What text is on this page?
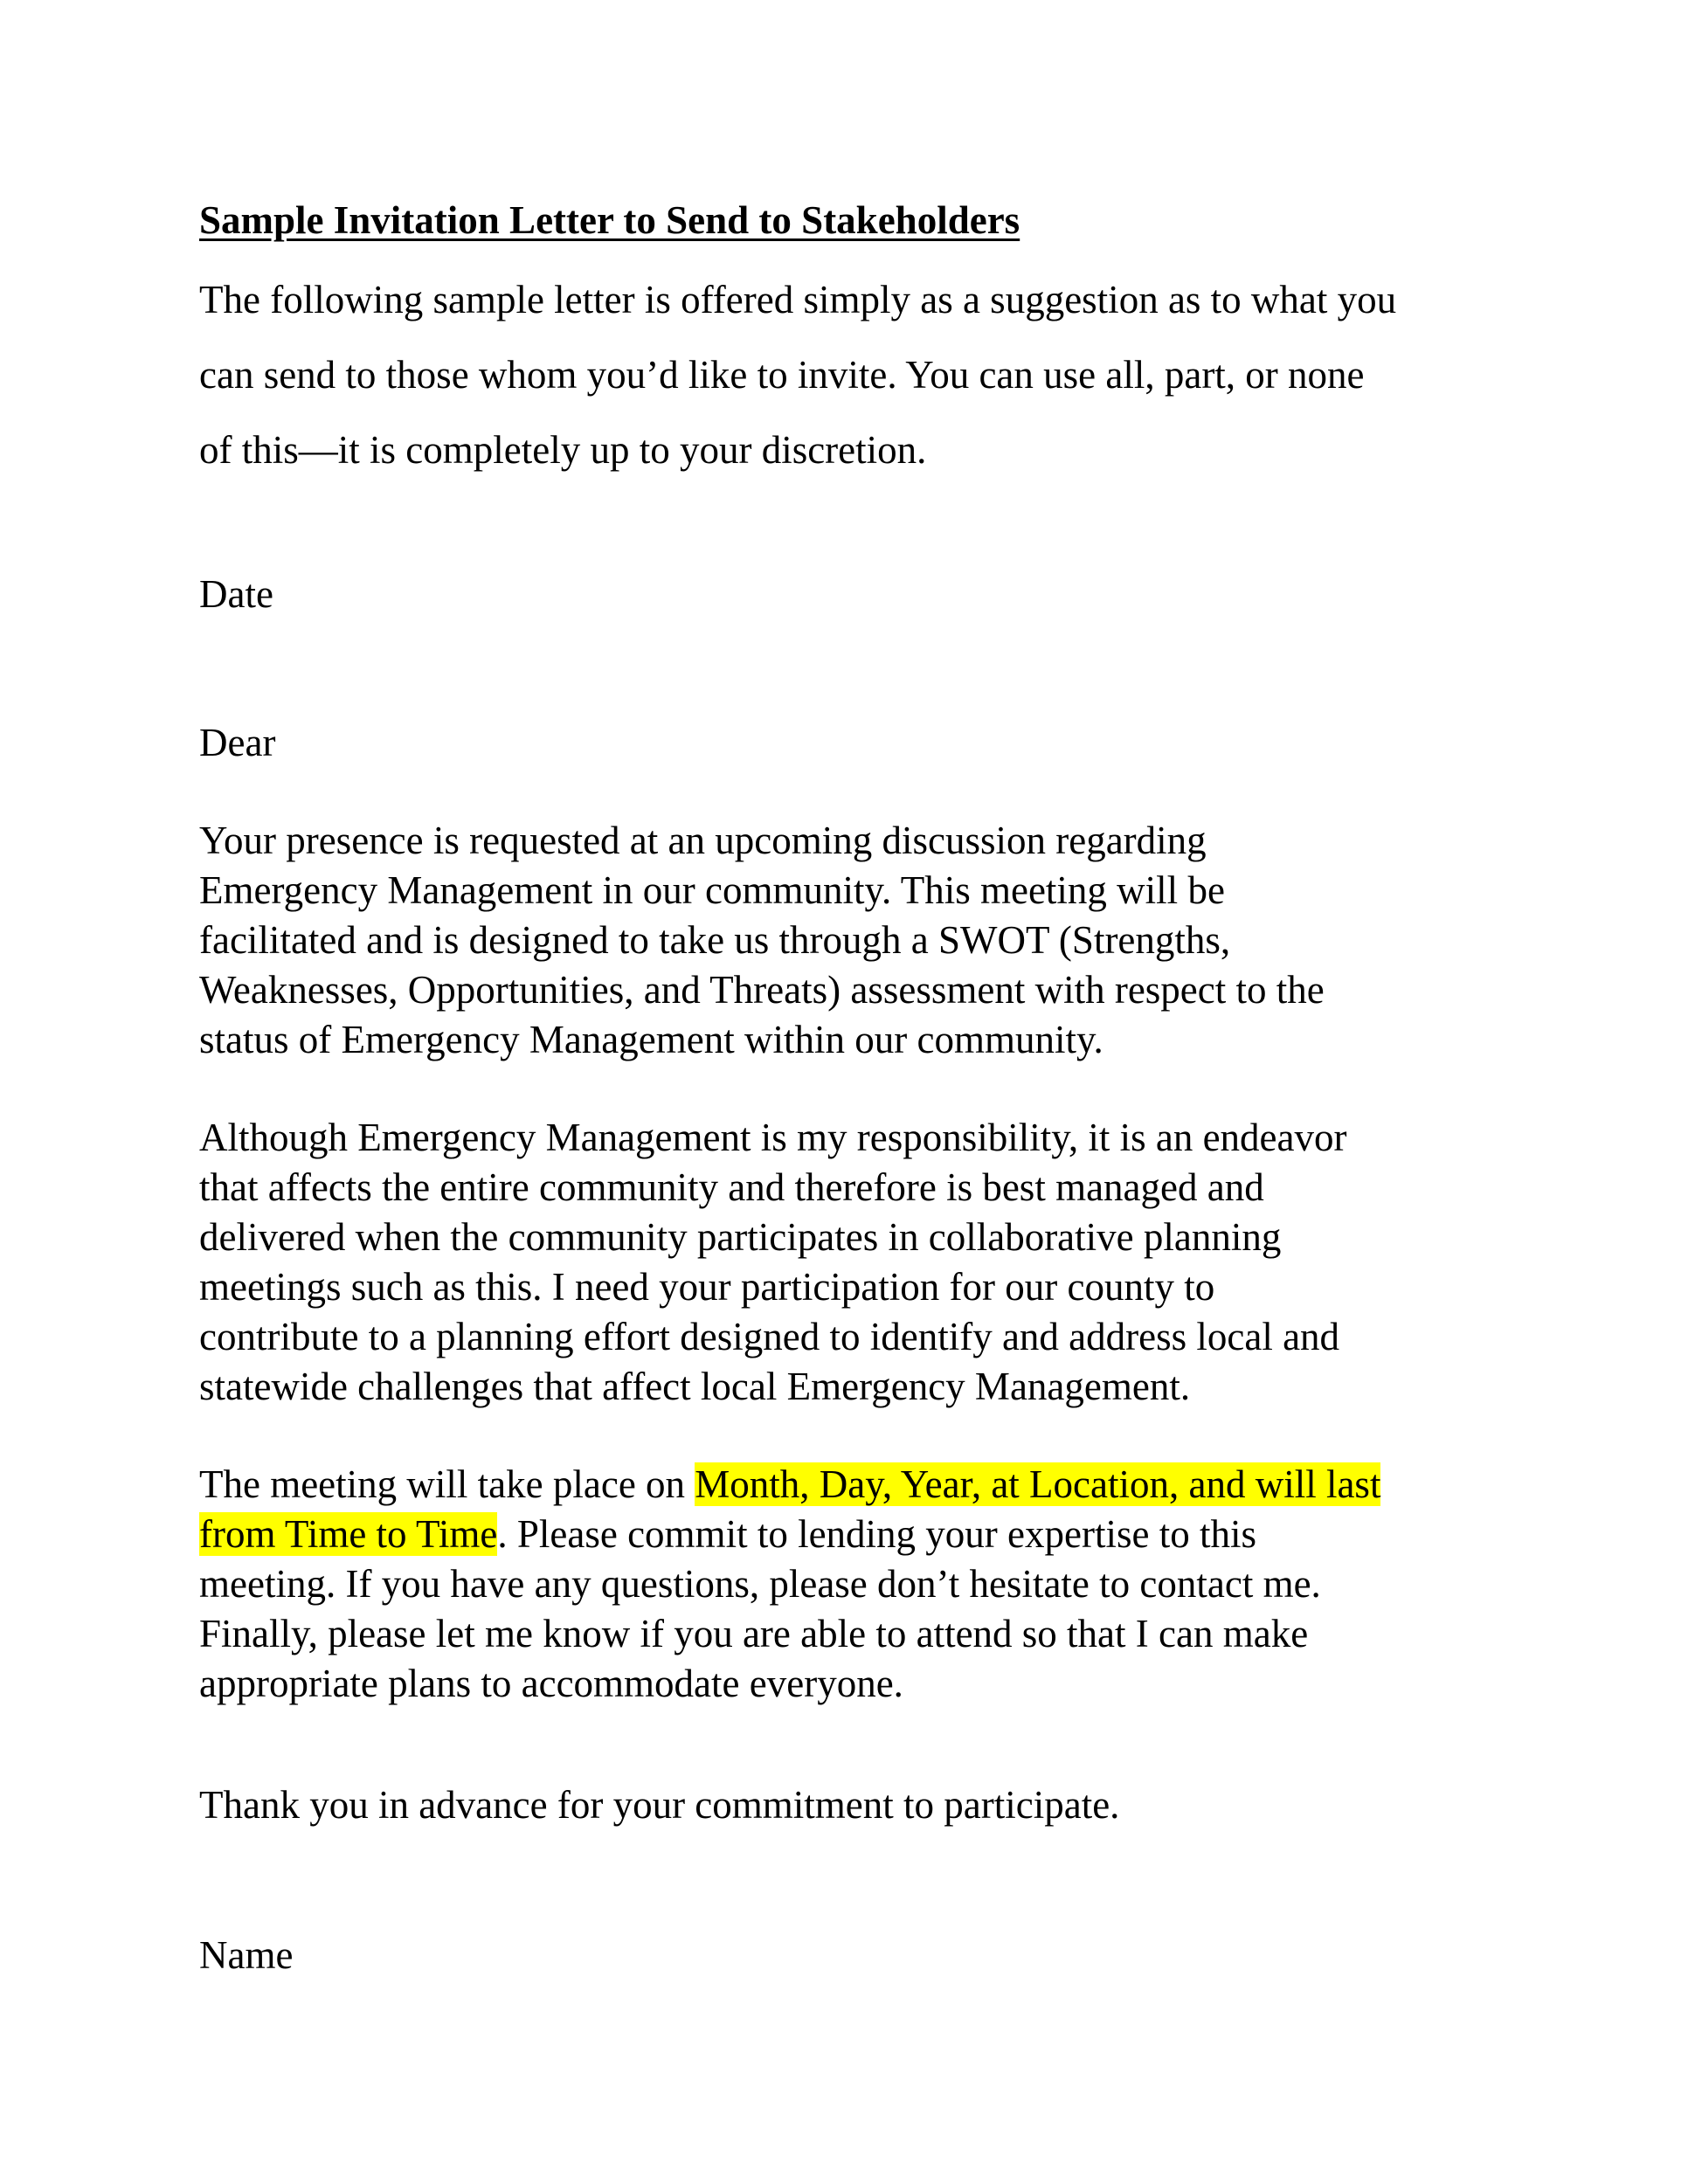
Sample Invitation Letter to Send to Stakeholders
The following sample letter is offered simply as a suggestion as to what you
can send to those whom you’d like to invite. You can use all, part, or none
of this—it is completely up to your discretion.
Date
Dear
Your presence is requested at an upcoming discussion regarding
Emergency Management in our community. This meeting will be
facilitated and is designed to take us through a SWOT (Strengths,
Weaknesses, Opportunities, and Threats) assessment with respect to the
status of Emergency Management within our community.
Although Emergency Management is my responsibility, it is an endeavor
that affects the entire community and therefore is best managed and
delivered when the community participates in collaborative planning
meetings such as this. I need your participation for our county to
contribute to a planning effort designed to identify and address local and
statewide challenges that affect local Emergency Management.
The meeting will take place on Month, Day, Year, at Location, and will last
from Time to Time. Please commit to lending your expertise to this
meeting. If you have any questions, please don’t hesitate to contact me.
Finally, please let me know if you are able to attend so that I can make
appropriate plans to accommodate everyone.
Thank you in advance for your commitment to participate.
Name
